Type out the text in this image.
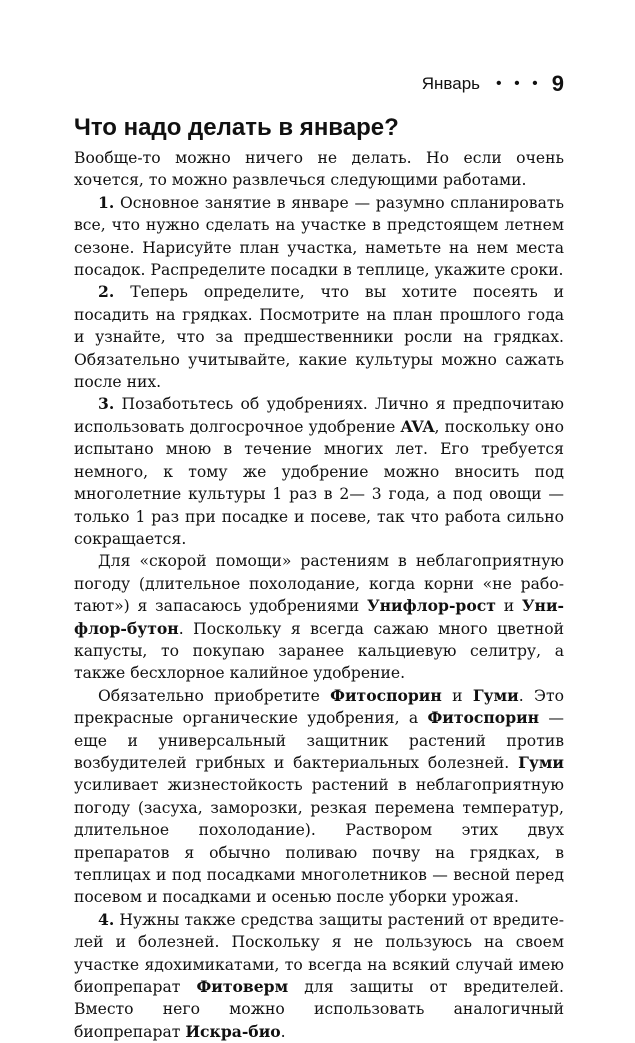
Январь • • • 9
Что надо делать в январе?

Вообще-то можно ничего не делать. Но если очень хочется, то можно развлечься следующими работами.

1. Основное занятие в январе — разумно спланировать все, что нужно сделать на участке в предстоящем летнем сезоне. Нарисуйте план участка, наметьте на нем места посадок. Распределите посадки в теплице, укажите сроки.

2. Теперь определите, что вы хотите посеять и посадить на грядках. Посмотрите на план прошлого года и узнайте, что за предшественники росли на грядках. Обязательно учитывайте, какие культуры можно сажать после них.

3. Позаботьтесь об удобрениях. Лично я предпочитаю использовать долгосрочное удобрение AVA, поскольку оно испытано мною в течение многих лет. Его требуется немного, к тому же удобрение можно вносить под многолетние культуры 1 раз в 2— 3 года, а под овощи — только 1 раз при посадке и посеве, так что работа сильно сокращается.

Для «скорой помощи» растениям в неблагоприятную погоду (длительное похолодание, когда корни «не работают») я запасаюсь удобрениями Унифлор-рост и Унифлор-бутон. Поскольку я всегда сажаю много цветной капусты, то покупаю заранее кальциевую селитру, а также бесхлорное калийное удобрение.

Обязательно приобретите Фитоспорин и Гуми. Это прекрасные органические удобрения, а Фитоспорин — еще и универсальный защитник растений против возбудителей грибных и бактериальных болезней. Гуми усиливает жизнестойкость растений в неблагоприятную погоду (засуха, заморозки, резкая перемена температур, длительное похолодание). Раствором этих двух препаратов я обычно поливаю почву на грядках, в теплицах и под посадками многолетников — весной перед посевом и посадками и осенью после уборки урожая.

4. Нужны также средства защиты растений от вредителей и болезней. Поскольку я не пользуюсь на своем участке ядохимикатами, то всегда на всякий случай имею биопрепарат Фитоверм для защиты от вредителей. Вместо него можно использовать аналогичный биопрепарат Искра-био.
